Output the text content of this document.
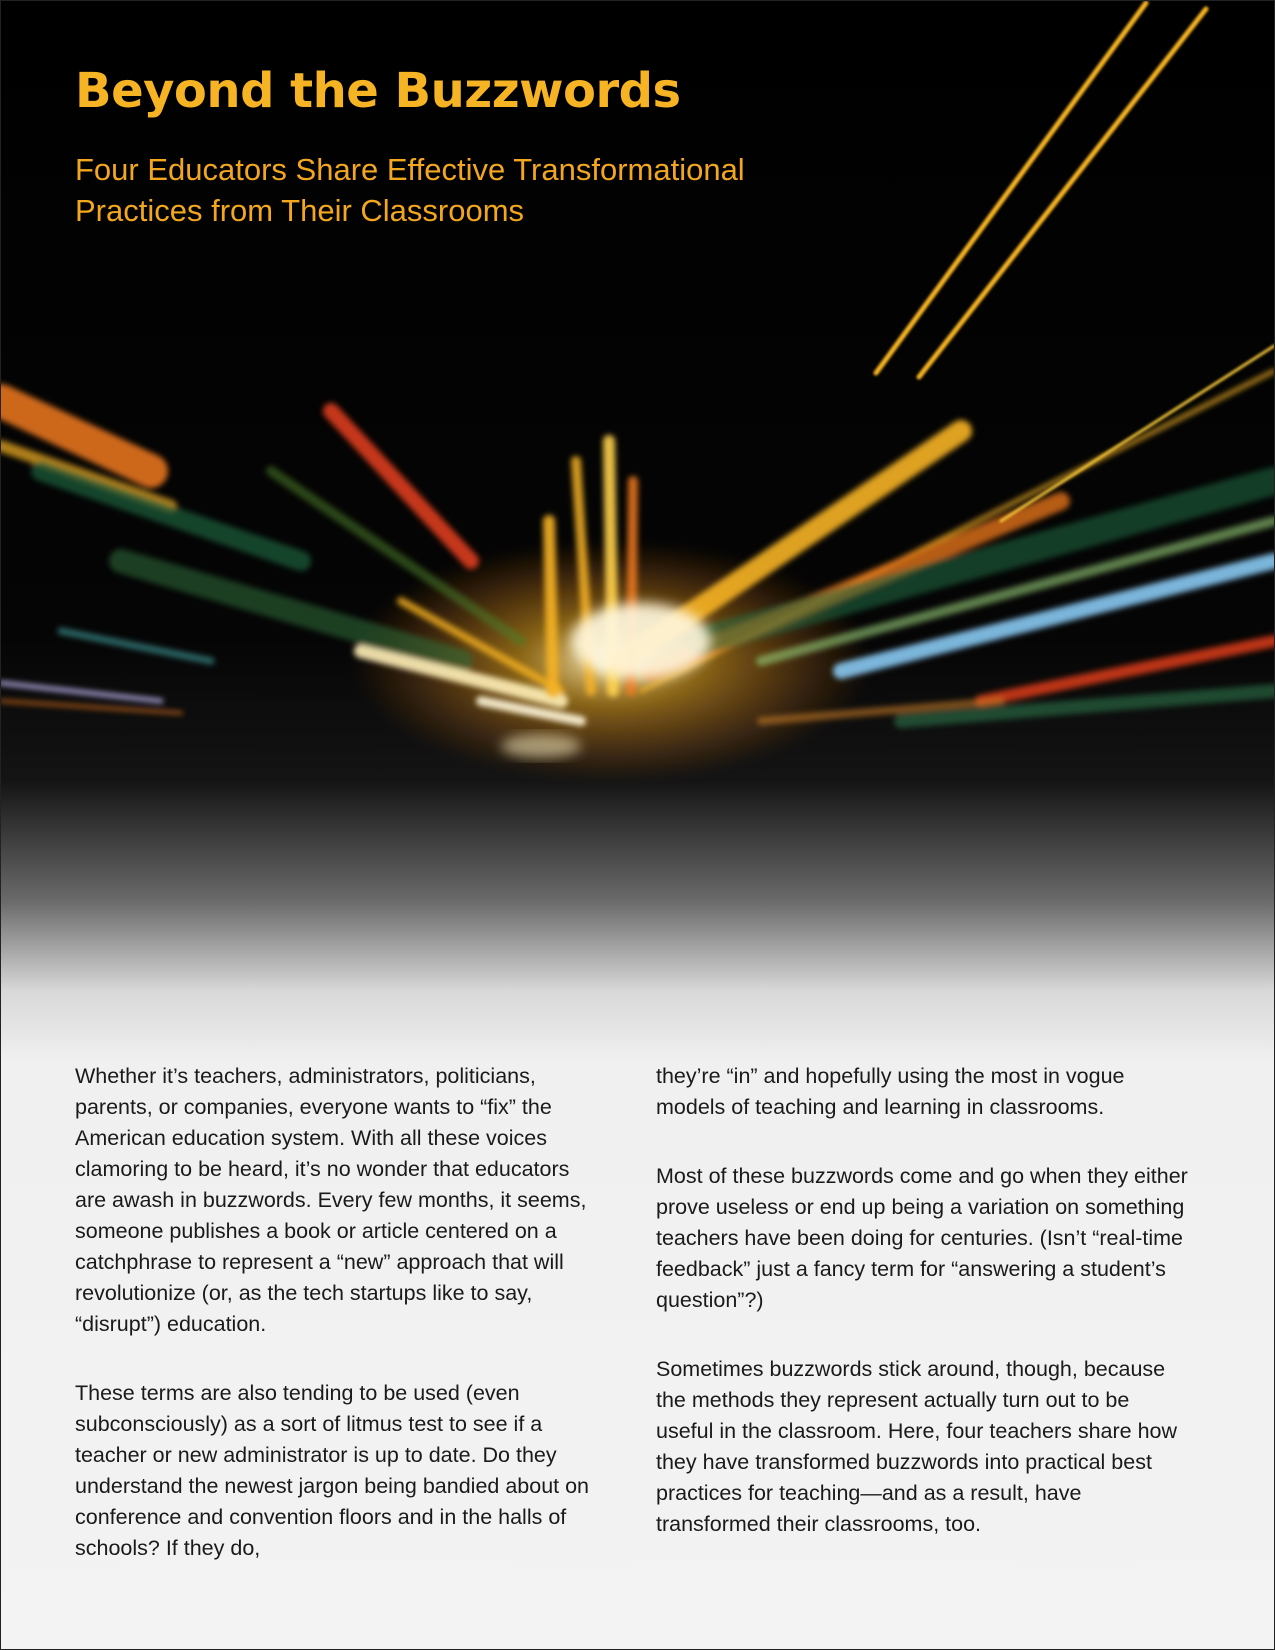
Beyond the Buzzwords
Four Educators Share Effective Transformational Practices from Their Classrooms

Whether it’s teachers, administrators, politicians, parents, or companies, everyone wants to “fix” the American education system. With all these voices clamoring to be heard, it’s no wonder that educators are awash in buzzwords. Every few months, it seems, someone publishes a book or article centered on a catchphrase to represent a “new” approach that will revolutionize (or, as the tech startups like to say, “disrupt”) education.

These terms are also tending to be used (even subconsciously) as a sort of litmus test to see if a teacher or new administrator is up to date. Do they understand the newest jargon being bandied about on conference and convention floors and in the halls of schools? If they do,

they’re “in” and hopefully using the most in vogue models of teaching and learning in classrooms.

Most of these buzzwords come and go when they either prove useless or end up being a variation on something teachers have been doing for centuries. (Isn’t “real-time feedback” just a fancy term for “answering a student’s question”?)

Sometimes buzzwords stick around, though, because the methods they represent actually turn out to be useful in the classroom. Here, four teachers share how they have transformed buzzwords into practical best practices for teaching—and as a result, have transformed their classrooms, too.
